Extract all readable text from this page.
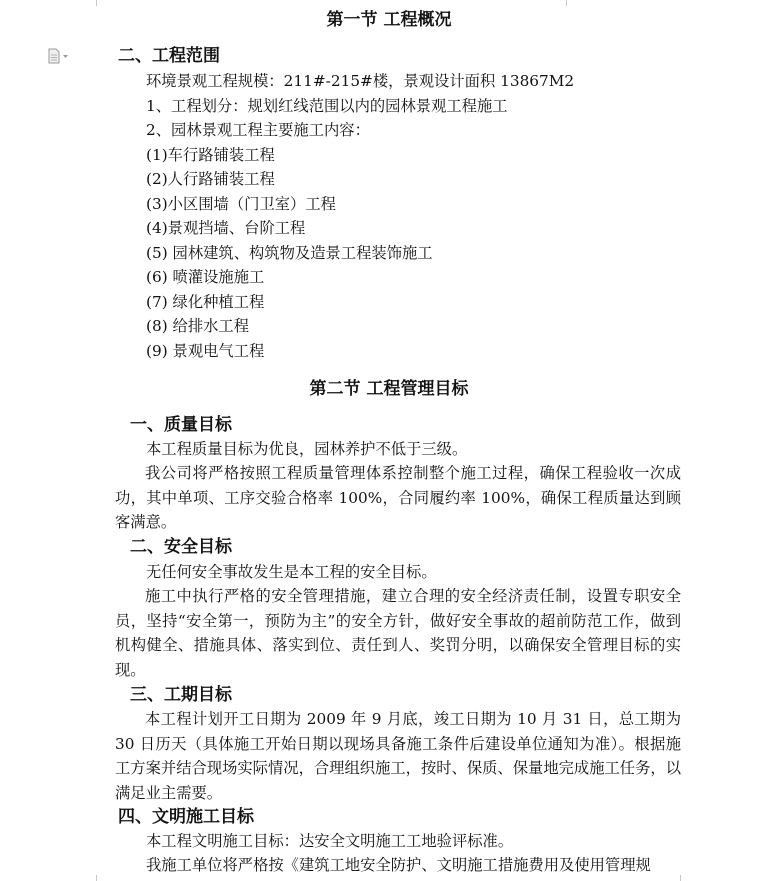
第一节 工程概况
二、工程范围
环境景观工程规模：211#-215#楼，景观设计面积 13867M2
1、工程划分：规划红线范围以内的园林景观工程施工
2、园林景观工程主要施工内容：
(1)车行路铺装工程
(2)人行路铺装工程
(3)小区围墙（门卫室）工程
(4)景观挡墙、台阶工程
(5) 园林建筑、构筑物及造景工程装饰施工
(6) 喷灌设施施工
(7) 绿化种植工程
(8) 给排水工程
(9) 景观电气工程
第二节 工程管理目标
一、质量目标
本工程质量目标为优良，园林养护不低于三级。
我公司将严格按照工程质量管理体系控制整个施工过程，确保工程验收一次成功，其中单项、工序交验合格率 100%，合同履约率 100%，确保工程质量达到顾客满意。
二、安全目标
无任何安全事故发生是本工程的安全目标。
施工中执行严格的安全管理措施，建立合理的安全经济责任制，设置专职安全员，坚持“安全第一，预防为主”的安全方针，做好安全事故的超前防范工作，做到机构健全、措施具体、落实到位、责任到人、奖罚分明，以确保安全管理目标的实现。
三、工期目标
本工程计划开工日期为 2009 年 9 月底，竣工日期为 10 月 31 日，总工期为 30 日历天（具体施工开始日期以现场具备施工条件后建设单位通知为准）。根据施工方案并结合现场实际情况，合理组织施工，按时、保质、保量地完成施工任务，以满足业主需要。
四、文明施工目标
本工程文明施工目标：达安全文明施工工地验评标准。
我施工单位将严格按《建筑工地安全防护、文明施工措施费用及使用管理规
